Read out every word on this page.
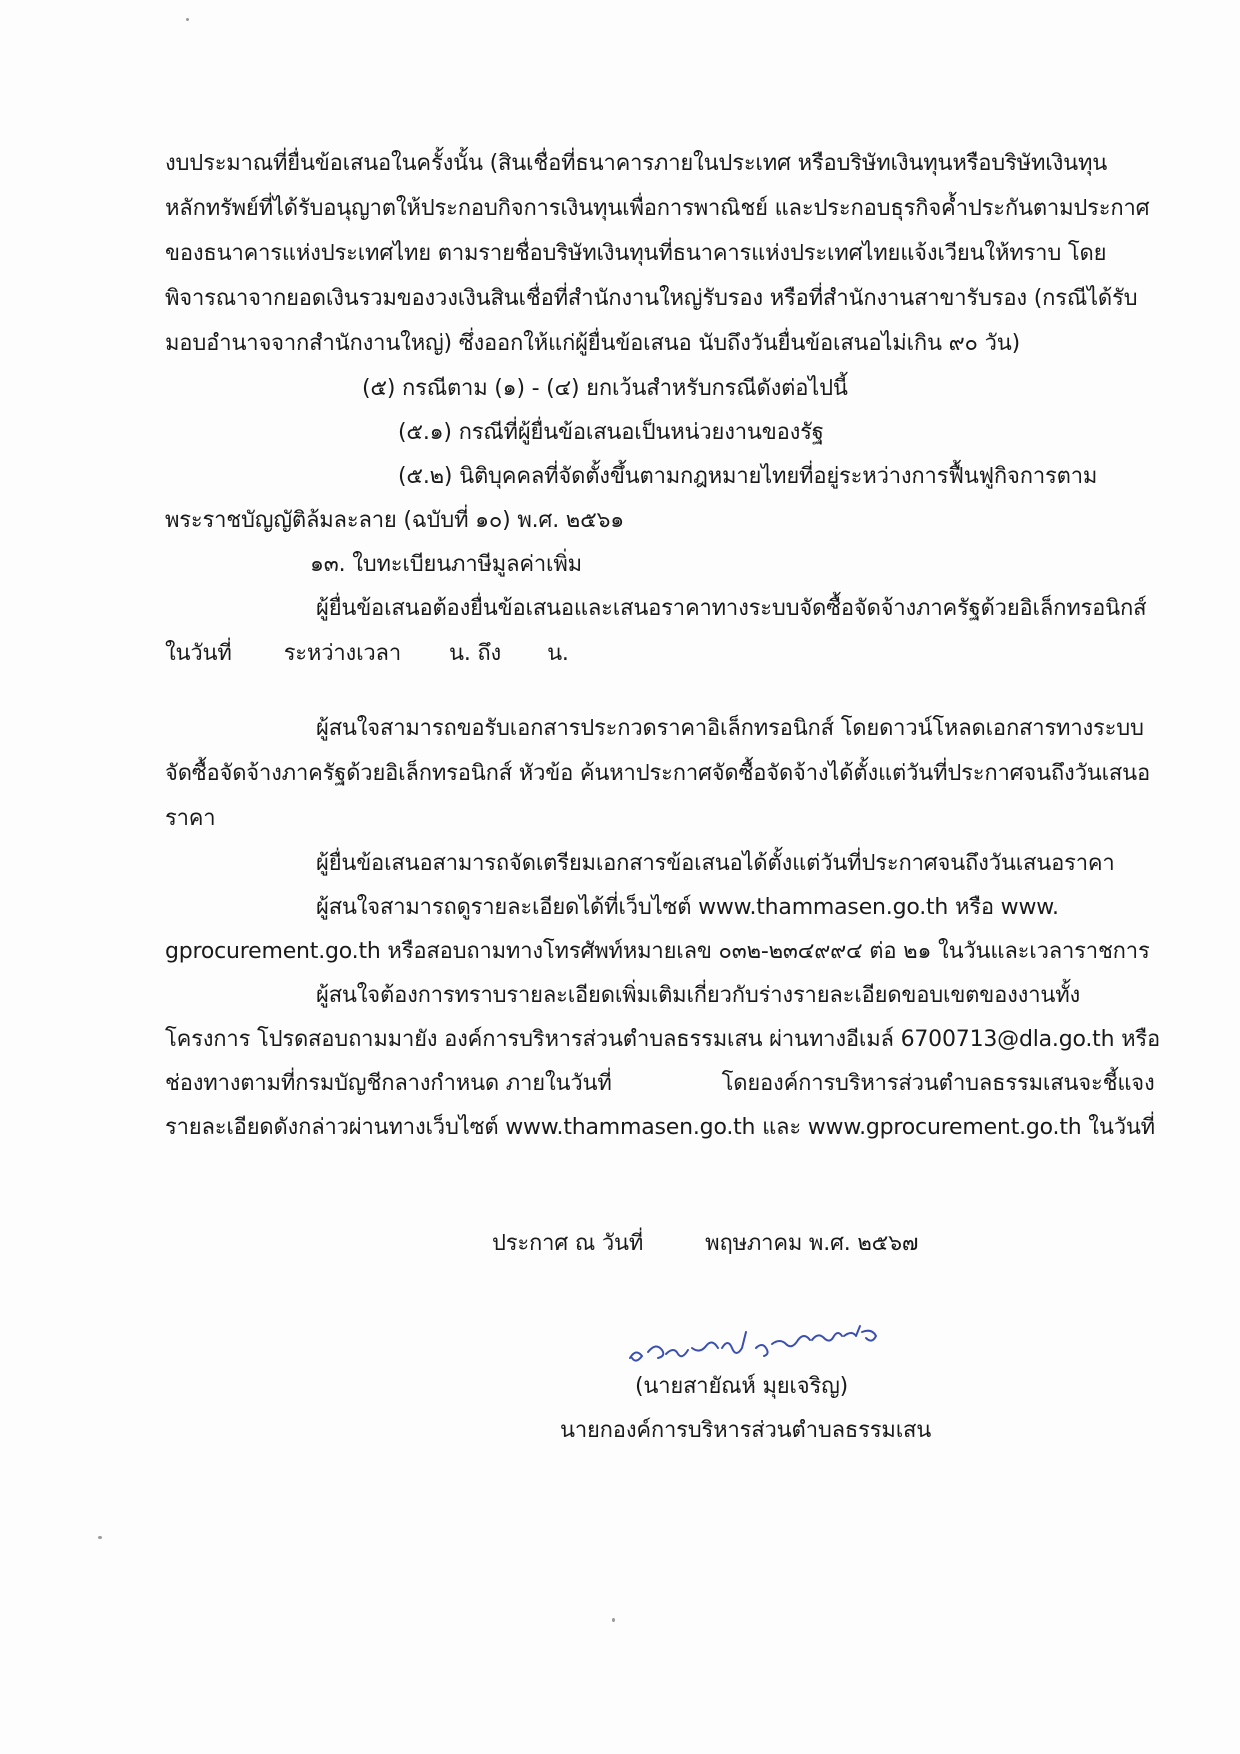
งบประมาณที่ยื่นข้อเสนอในครั้งนั้น (สินเชื่อที่ธนาคารภายในประเทศ หรือบริษัทเงินทุนหรือบริษัทเงินทุน
หลักทรัพย์ที่ได้รับอนุญาตให้ประกอบกิจการเงินทุนเพื่อการพาณิชย์ และประกอบธุรกิจค้ำประกันตามประกาศ
ของธนาคารแห่งประเทศไทย ตามรายชื่อบริษัทเงินทุนที่ธนาคารแห่งประเทศไทยแจ้งเวียนให้ทราบ โดย
พิจารณาจากยอดเงินรวมของวงเงินสินเชื่อที่สำนักงานใหญ่รับรอง หรือที่สำนักงานสาขารับรอง (กรณีได้รับ
มอบอำนาจจากสำนักงานใหญ่) ซึ่งออกให้แก่ผู้ยื่นข้อเสนอ นับถึงวันยื่นข้อเสนอไม่เกิน ๙๐ วัน)
(๕) กรณีตาม (๑) - (๔) ยกเว้นสำหรับกรณีดังต่อไปนี้
(๕.๑) กรณีที่ผู้ยื่นข้อเสนอเป็นหน่วยงานของรัฐ
(๕.๒) นิติบุคคลที่จัดตั้งขึ้นตามกฎหมายไทยที่อยู่ระหว่างการฟื้นฟูกิจการตาม
พระราชบัญญัติล้มละลาย (ฉบับที่ ๑๐) พ.ศ. ๒๕๖๑
๑๓. ใบทะเบียนภาษีมูลค่าเพิ่ม
ผู้ยื่นข้อเสนอต้องยื่นข้อเสนอและเสนอราคาทางระบบจัดซื้อจัดจ้างภาครัฐด้วยอิเล็กทรอนิกส์
ในวันที่ ระหว่างเวลา น. ถึง น.
ผู้สนใจสามารถขอรับเอกสารประกวดราคาอิเล็กทรอนิกส์ โดยดาวน์โหลดเอกสารทางระบบ
จัดซื้อจัดจ้างภาครัฐด้วยอิเล็กทรอนิกส์ หัวข้อ ค้นหาประกาศจัดซื้อจัดจ้างได้ตั้งแต่วันที่ประกาศจนถึงวันเสนอ
ราคา
ผู้ยื่นข้อเสนอสามารถจัดเตรียมเอกสารข้อเสนอได้ตั้งแต่วันที่ประกาศจนถึงวันเสนอราคา
ผู้สนใจสามารถดูรายละเอียดได้ที่เว็บไซต์ www.thammasen.go.th หรือ www.
gprocurement.go.th หรือสอบถามทางโทรศัพท์หมายเลข ๐๓๒-๒๓๔๙๙๔ ต่อ ๒๑ ในวันและเวลาราชการ
ผู้สนใจต้องการทราบรายละเอียดเพิ่มเติมเกี่ยวกับร่างรายละเอียดขอบเขตของงานทั้ง
โครงการ โปรดสอบถามมายัง องค์การบริหารส่วนตำบลธรรมเสน ผ่านทางอีเมล์ 6700713@dla.go.th หรือ
ช่องทางตามที่กรมบัญชีกลางกำหนด ภายในวันที่	โดยองค์การบริหารส่วนตำบลธรรมเสนจะชี้แจง
รายละเอียดดังกล่าวผ่านทางเว็บไซต์ www.thammasen.go.th และ www.gprocurement.go.th ในวันที่
ประกาศ ณ วันที่	พฤษภาคม พ.ศ. ๒๕๖๗
(นายสายัณห์ มุยเจริญ)
นายกองค์การบริหารส่วนตำบลธรรมเสน
